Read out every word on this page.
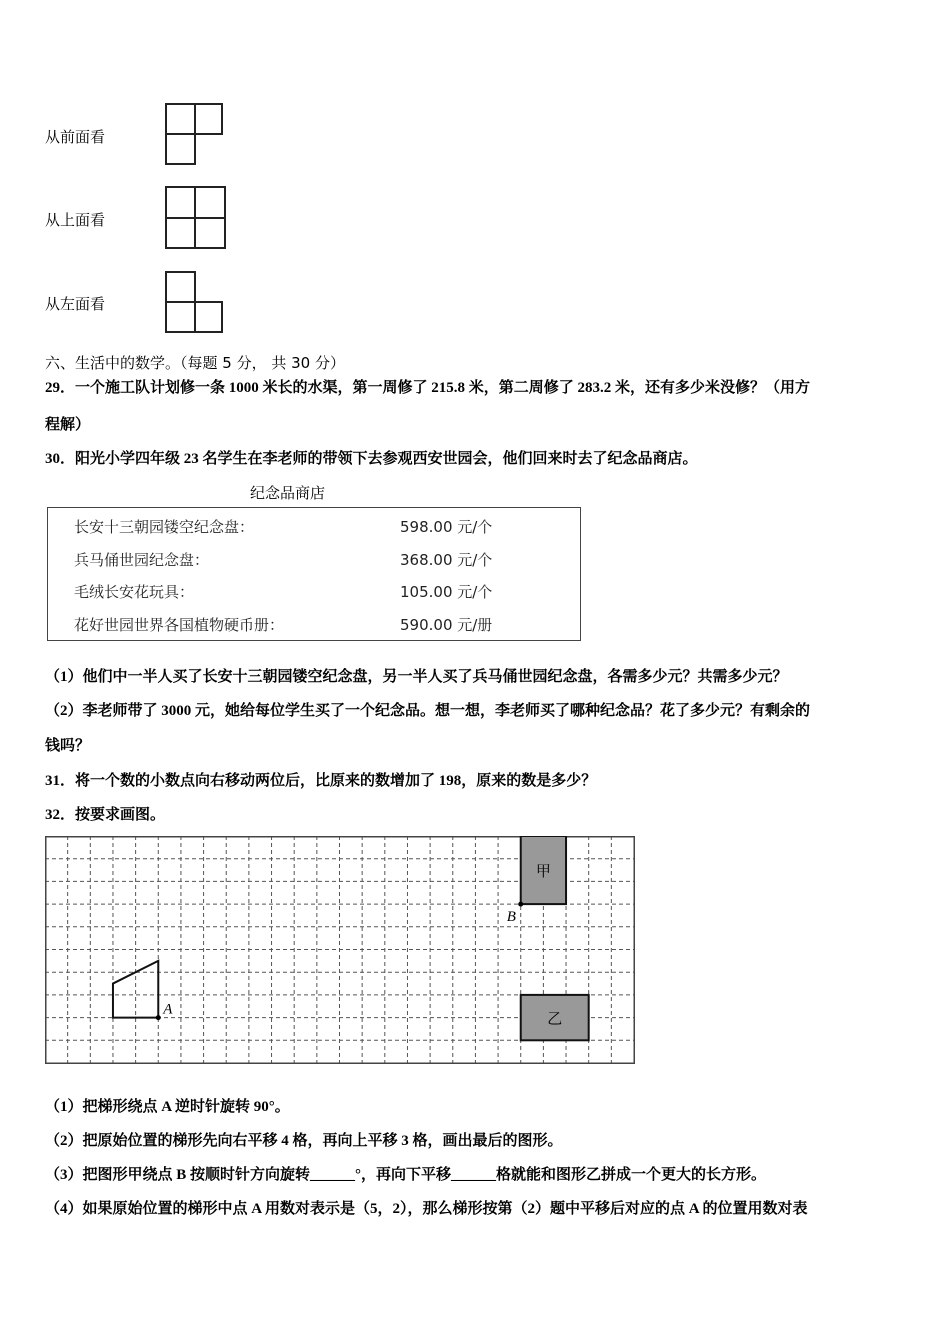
从前面看
从上面看
从左面看
六、生活中的数学。（每题 5 分， 共 30 分）
29．一个施工队计划修一条 1000 米长的水渠，第一周修了 215.8 米，第二周修了 283.2 米，还有多少米没修？（用方
程解）
30．阳光小学四年级 23 名学生在李老师的带领下去参观西安世园会，他们回来时去了纪念品商店。
纪念品商店
长安十三朝园镂空纪念盘：	598.00 元/个
兵马俑世园纪念盘：	368.00 元/个
毛绒长安花玩具：	105.00 元/个
花好世园世界各国植物硬币册：	590.00 元/册
（1）他们中一半人买了长安十三朝园镂空纪念盘，另一半人买了兵马俑世园纪念盘，各需多少元？共需多少元？
（2）李老师带了 3000 元，她给每位学生买了一个纪念品。想一想，李老师买了哪种纪念品？花了多少元？有剩余的
钱吗？
31．将一个数的小数点向右移动两位后，比原来的数增加了 198，原来的数是多少？
32．按要求画图。
甲
乙
A
B
（1）把梯形绕点 A 逆时针旋转 90°。
（2）把原始位置的梯形先向右平移 4 格，再向上平移 3 格，画出最后的图形。
（3）把图形甲绕点 B 按顺时针方向旋转______°，再向下平移______格就能和图形乙拼成一个更大的长方形。
（4）如果原始位置的梯形中点 A 用数对表示是（5，2），那么梯形按第（2）题中平移后对应的点 A 的位置用数对表
